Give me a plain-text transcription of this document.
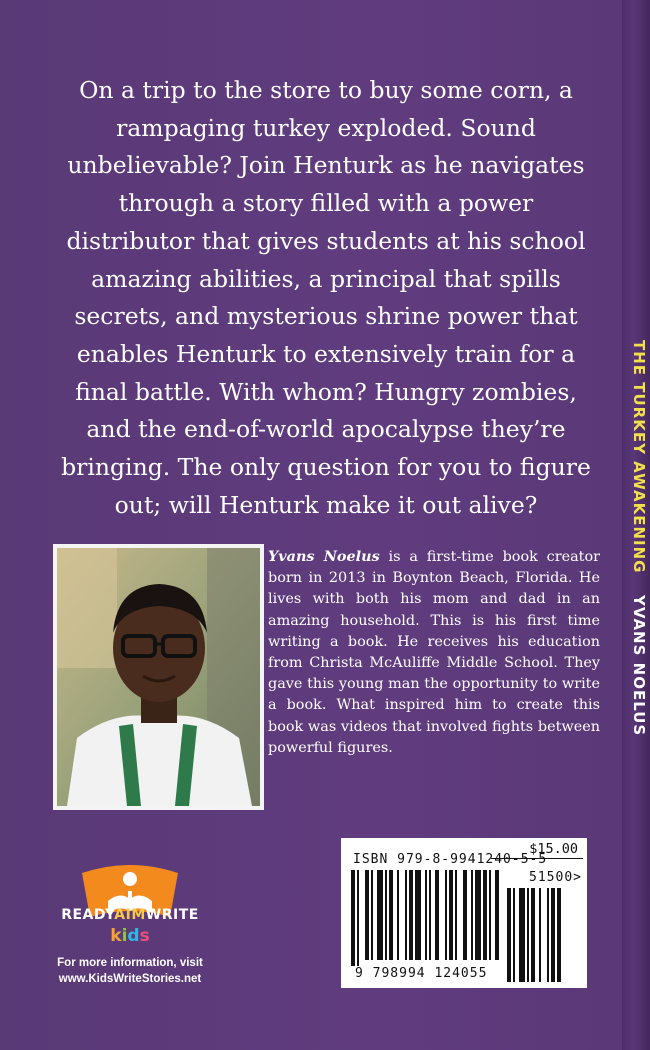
THE TURKEY AWAKENINGYVANS NOELUS

On a trip to the store to buy some corn, a
rampaging turkey exploded. Sound
unbelievable? Join Henturk as he navigates
through a story filled with a power
distributor that gives students at his school
amazing abilities, a principal that spills
secrets, and mysterious shrine power that
enables Henturk to extensively train for a
final battle. With whom? Hungry zombies,
and the end-of-world apocalypse they’re
bringing. The only question for you to figure
out; will Henturk make it out alive?

Yvans Noelus is a first-time book creator born in 2013 in Boynton Beach, Florida. He lives with both his mom and dad in an amazing household. This is his first time writing a book. He receives his education from Christa McAuliffe Middle School. They gave this young man the opportunity to write a book. What inspired him to create this book was videos that involved fights between powerful figures.

READYAIMWRITE
kids
For more information, visit
www.KidsWriteStories.net
$15.00
ISBN 979-8-9941240-5-5
51500>
9 798994 124055
